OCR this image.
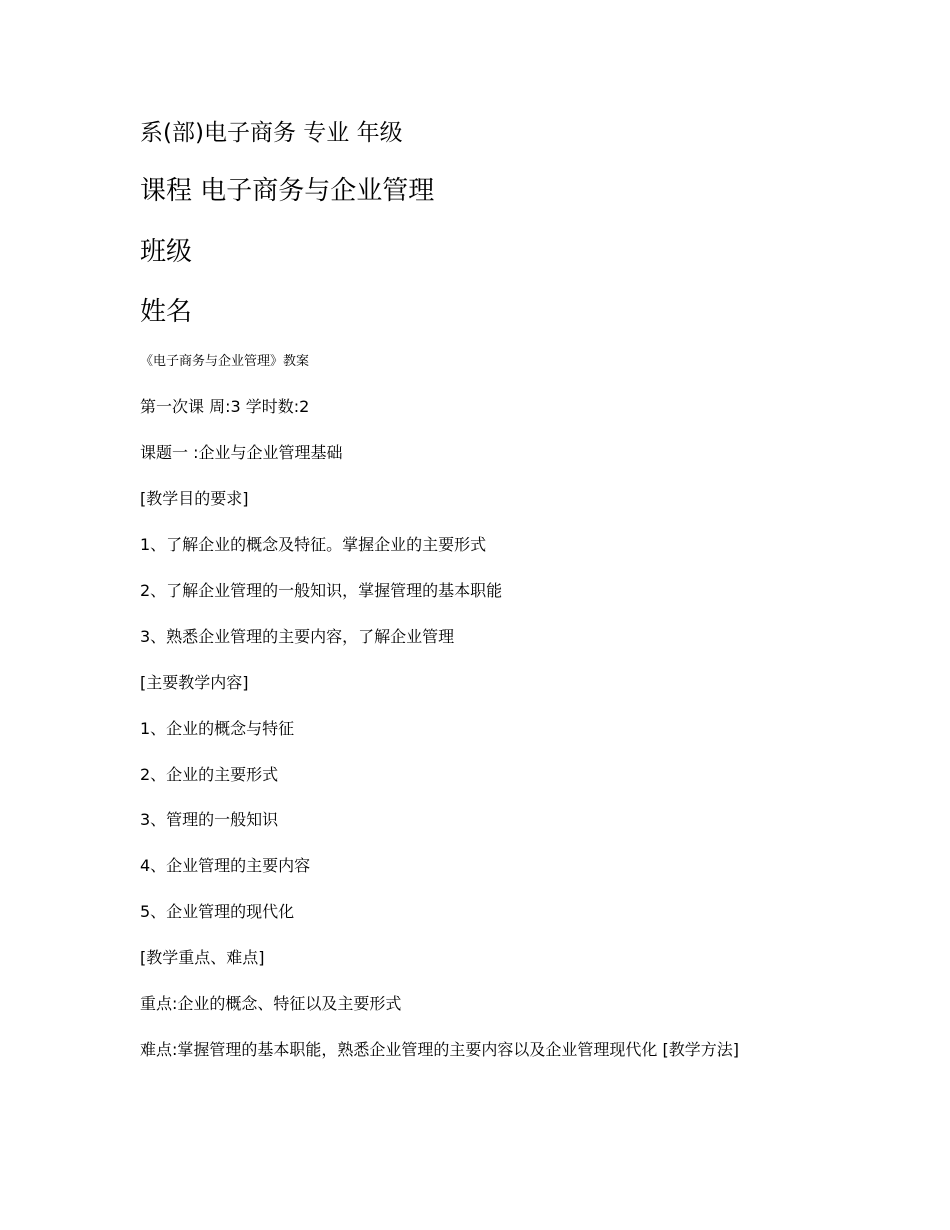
系(部)电子商务 专业 年级
课程 电子商务与企业管理
班级
姓名
《电子商务与企业管理》教案
第一次课 周:3 学时数:2
课题一 :企业与企业管理基础
[教学目的要求]
1、了解企业的概念及特征。掌握企业的主要形式
2、了解企业管理的一般知识，掌握管理的基本职能
3、熟悉企业管理的主要内容，了解企业管理
[主要教学内容]
1、企业的概念与特征
2、企业的主要形式
3、管理的一般知识
4、企业管理的主要内容
5、企业管理的现代化
[教学重点、难点]
重点:企业的概念、特征以及主要形式
难点:掌握管理的基本职能，熟悉企业管理的主要内容以及企业管理现代化 [教学方法]
